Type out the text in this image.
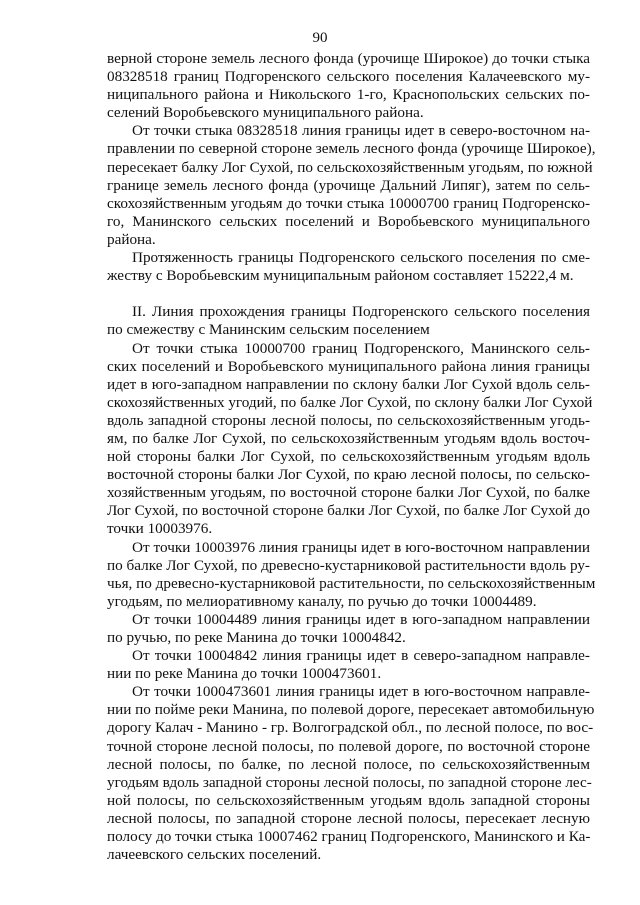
90
верной стороне земель лесного фонда (урочище Широкое) до точки стыка
08328518 границ Подгоренского сельского поселения Калачеевского му-
ниципального района и Никольского 1-го, Краснопольских сельских по-
селений Воробьевского муниципального района.
От точки стыка 08328518 линия границы идет в северо-восточном на-
правлении по северной стороне земель лесного фонда (урочище Широкое),
пересекает балку Лог Сухой, по сельскохозяйственным угодьям, по южной
границе земель лесного фонда (урочище Дальний Липяг), затем по сель-
скохозяйственным угодьям до точки стыка 10000700 границ Подгоренско-
го, Манинского сельских поселений и Воробьевского муниципального
района.
Протяженность границы Подгоренского сельского поселения по сме-
жеству с Воробьевским муниципальным районом составляет 15222,4 м.
II. Линия прохождения границы Подгоренского сельского поселения
по смежеству с Манинским сельским поселением
От точки стыка 10000700 границ Подгоренского, Манинского сель-
ских поселений и Воробьевского муниципального района линия границы
идет в юго-западном направлении по склону балки Лог Сухой вдоль сель-
скохозяйственных угодий, по балке Лог Сухой, по склону балки Лог Сухой
вдоль западной стороны лесной полосы, по сельскохозяйственным угодь-
ям, по балке Лог Сухой, по сельскохозяйственным угодьям вдоль восточ-
ной стороны балки Лог Сухой, по сельскохозяйственным угодьям вдоль
восточной стороны балки Лог Сухой, по краю лесной полосы, по сельско-
хозяйственным угодьям, по восточной стороне балки Лог Сухой, по балке
Лог Сухой, по восточной стороне балки Лог Сухой, по балке Лог Сухой до
точки 10003976.
От точки 10003976 линия границы идет в юго-восточном направлении
по балке Лог Сухой, по древесно-кустарниковой растительности вдоль ру-
чья, по древесно-кустарниковой растительности, по сельскохозяйственным
угодьям, по мелиоративному каналу, по ручью до точки 10004489.
От точки 10004489 линия границы идет в юго-западном направлении
по ручью, по реке Манина до точки 10004842.
От точки 10004842 линия границы идет в северо-западном направле-
нии по реке Манина до точки 1000473601.
От точки 1000473601 линия границы идет в юго-восточном направле-
нии по пойме реки Манина, по полевой дороге, пересекает автомобильную
дорогу Калач - Манино - гр. Волгоградской обл., по лесной полосе, по вос-
точной стороне лесной полосы, по полевой дороге, по восточной стороне
лесной полосы, по балке, по лесной полосе, по сельскохозяйственным
угодьям вдоль западной стороны лесной полосы, по западной стороне лес-
ной полосы, по сельскохозяйственным угодьям вдоль западной стороны
лесной полосы, по западной стороне лесной полосы, пересекает лесную
полосу до точки стыка 10007462 границ Подгоренского, Манинского и Ка-
лачеевского сельских поселений.
